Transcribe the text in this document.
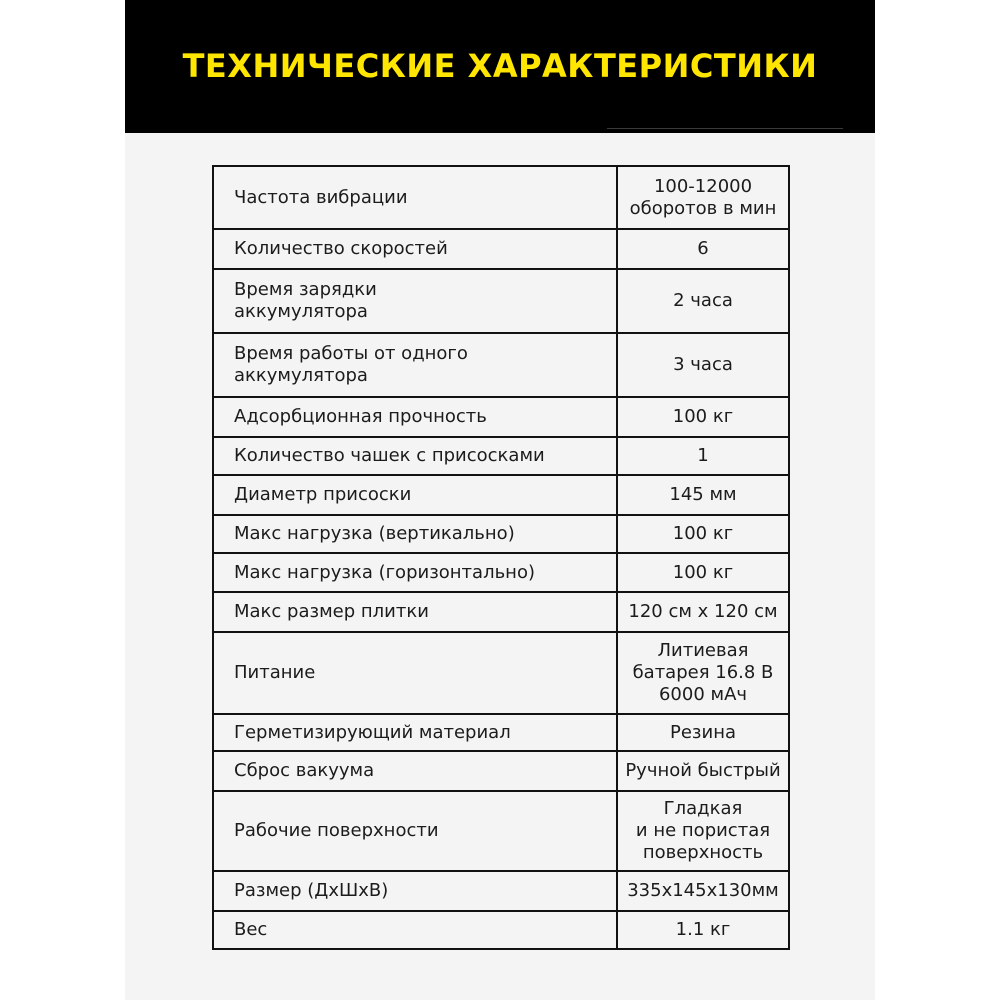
ТЕХНИЧЕСКИЕ ХАРАКТЕРИСТИКИ
Частота вибрации	100-12000
оборотов в мин
Количество скоростей	6
Время зарядки
аккумулятора	2 часа
Время работы от одного
аккумулятора	3 часа
Адсорбционная прочность	100 кг
Количество чашек с присосками	1
Диаметр присоски	145 мм
Макс нагрузка (вертикально)	100 кг
Макс нагрузка (горизонтально)	100 кг
Макс размер плитки	120 см х 120 см
Питание	Литиевая
батарея 16.8 В
6000 мАч
Герметизирующий материал	Резина
Сброс вакуума	Ручной быстрый
Рабочие поверхности	Гладкая
и не пористая
поверхность
Размер (ДхШхВ)	335х145х130мм
Вес	1.1 кг
